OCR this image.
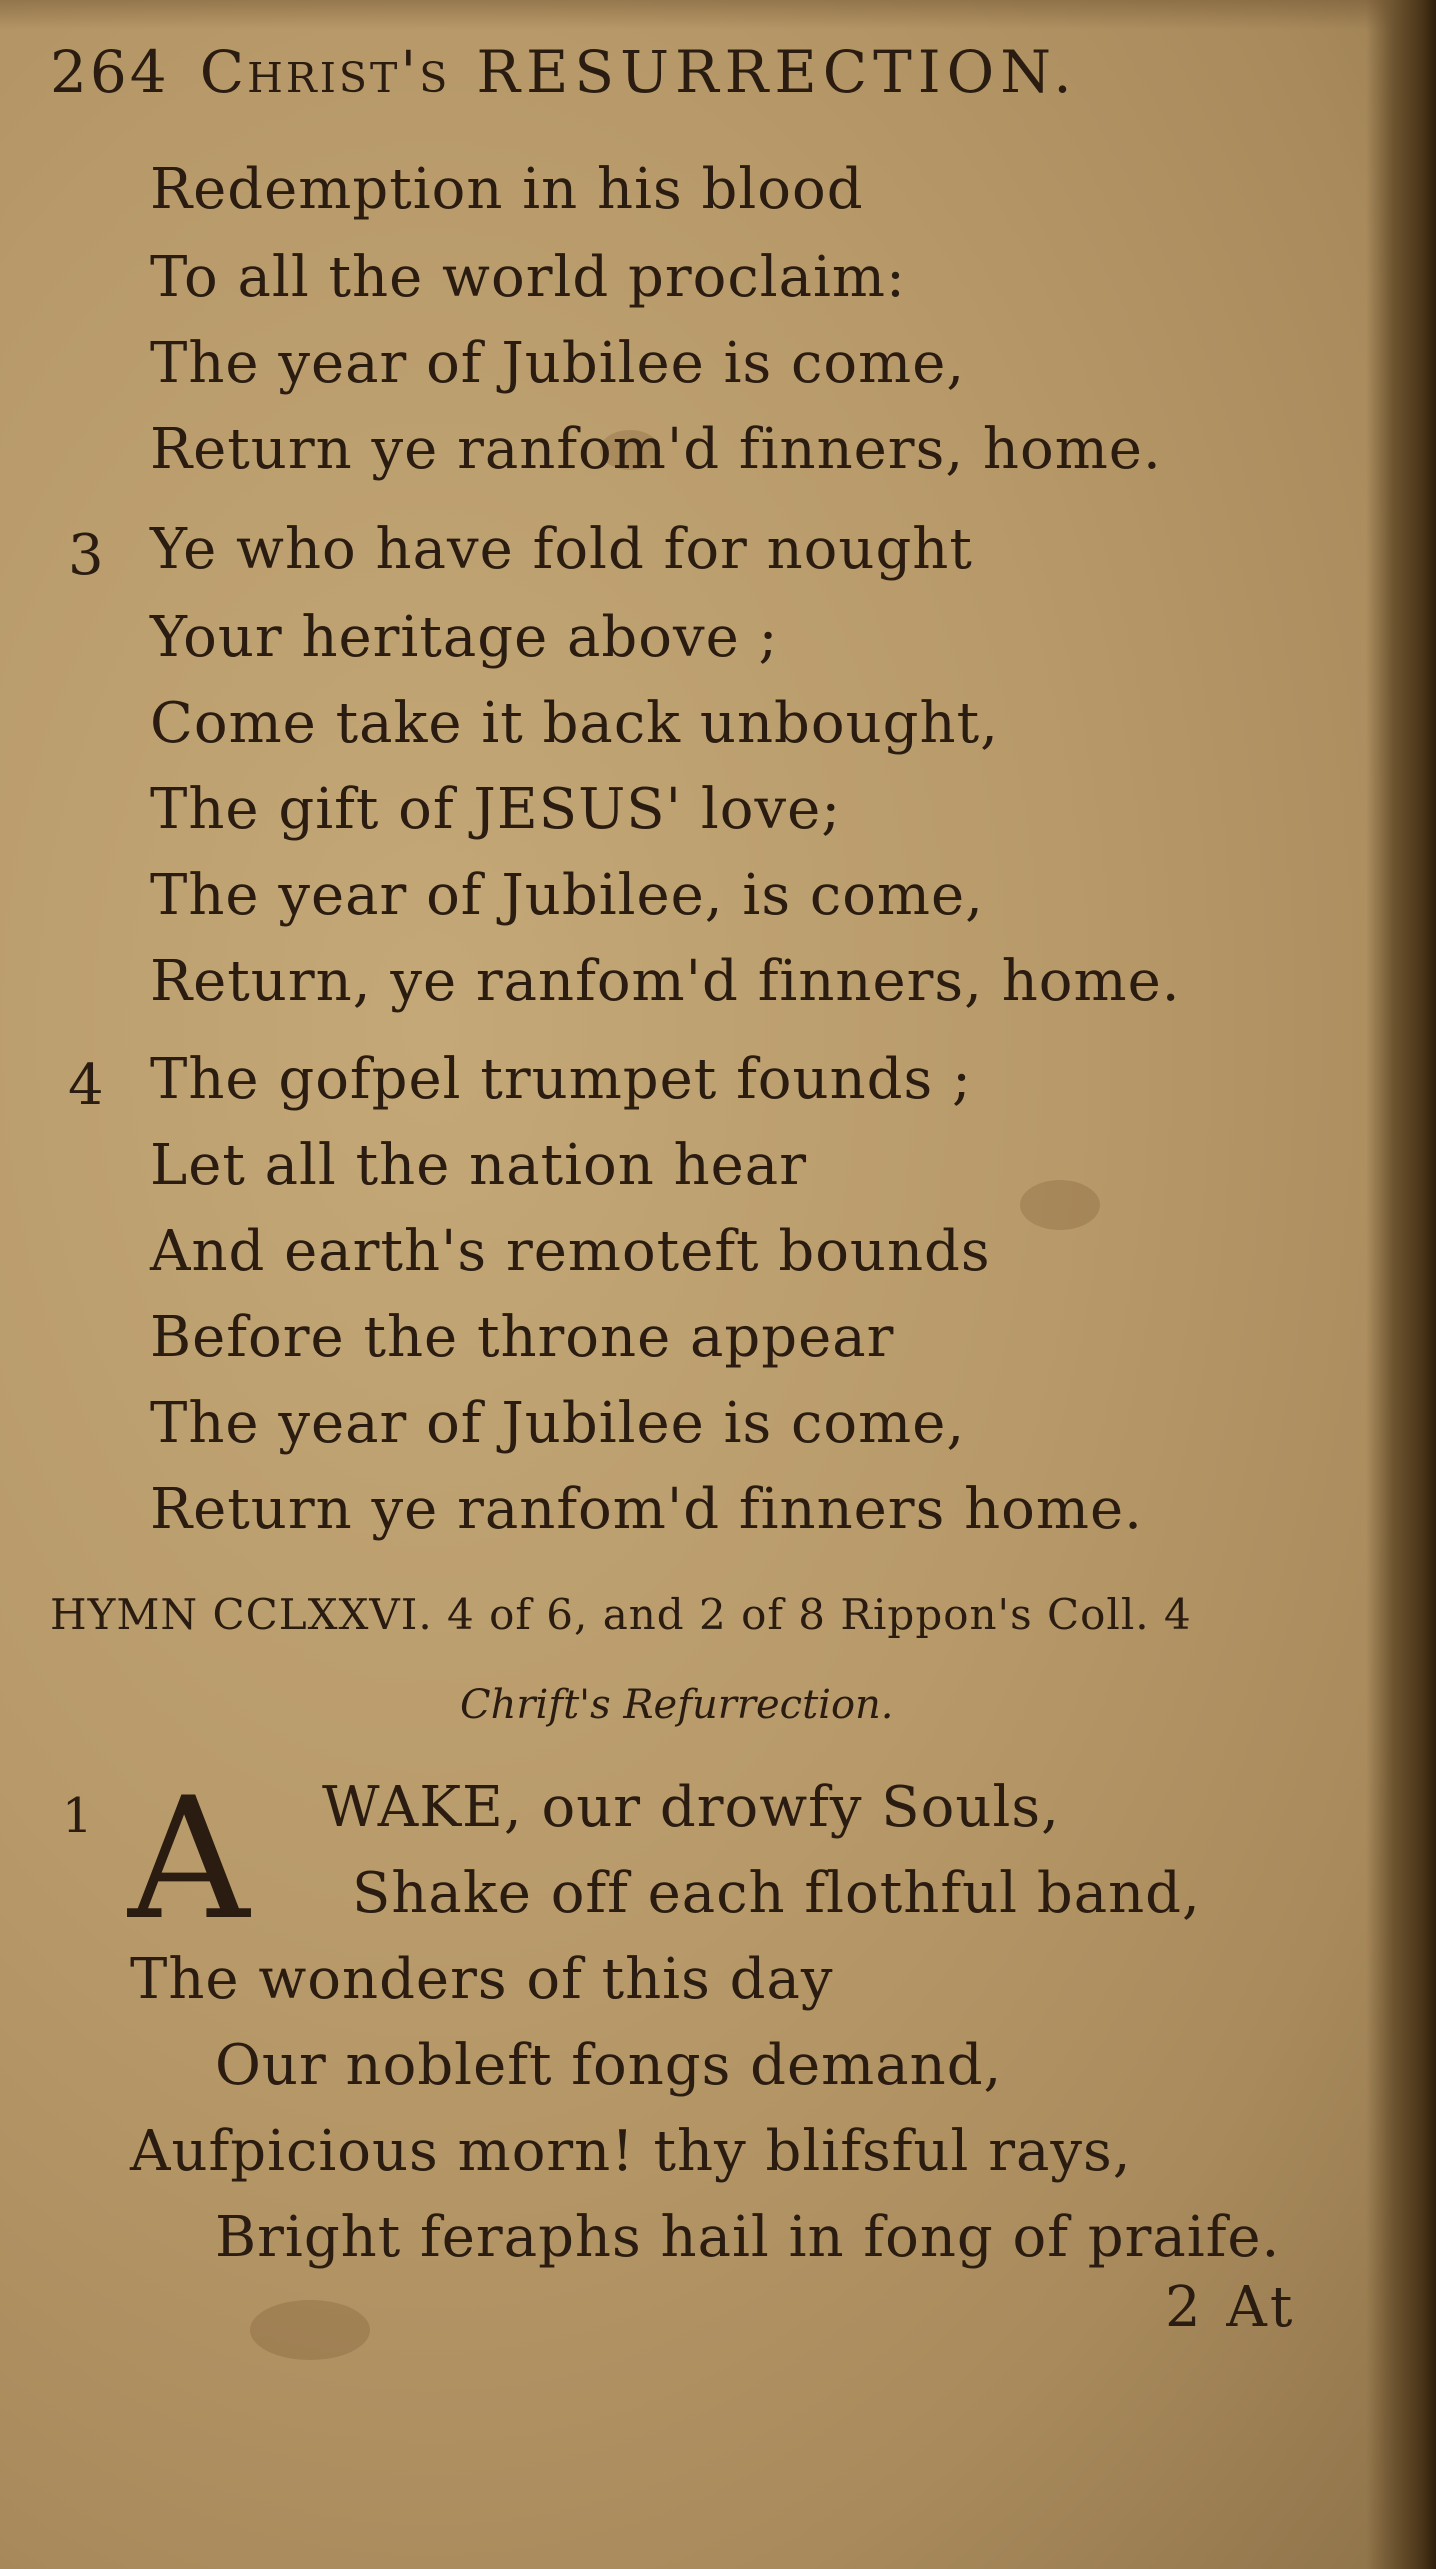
264 Christ's RESURRECTION.
Redemption in his blood
To all the world proclaim:
The year of Jubilee is come,
Return ye ranfom'd finners, home.
3 Ye who have fold for nought
Your heritage above ;
Come take it back unbought,
The gift of JESUS' love;
The year of Jubilee, is come,
Return, ye ranfom'd finners, home.
4 The gofpel trumpet founds ;
Let all the nation hear
And earth's remoteft bounds
Before the throne appear
The year of Jubilee is come,
Return ye ranfom'd finners home.
HYMN CCLXXVI. 4 of 6, and 2 of 8 Rippon's Coll. 4
Chrift's Refurrection.
1 A WAKE, our drowfy Souls,
Shake off each flothful band,
The wonders of this day
Our nobleft fongs demand,
Aufpicious morn! thy blifsful rays,
Bright feraphs hail in fong of praife.
2 At
